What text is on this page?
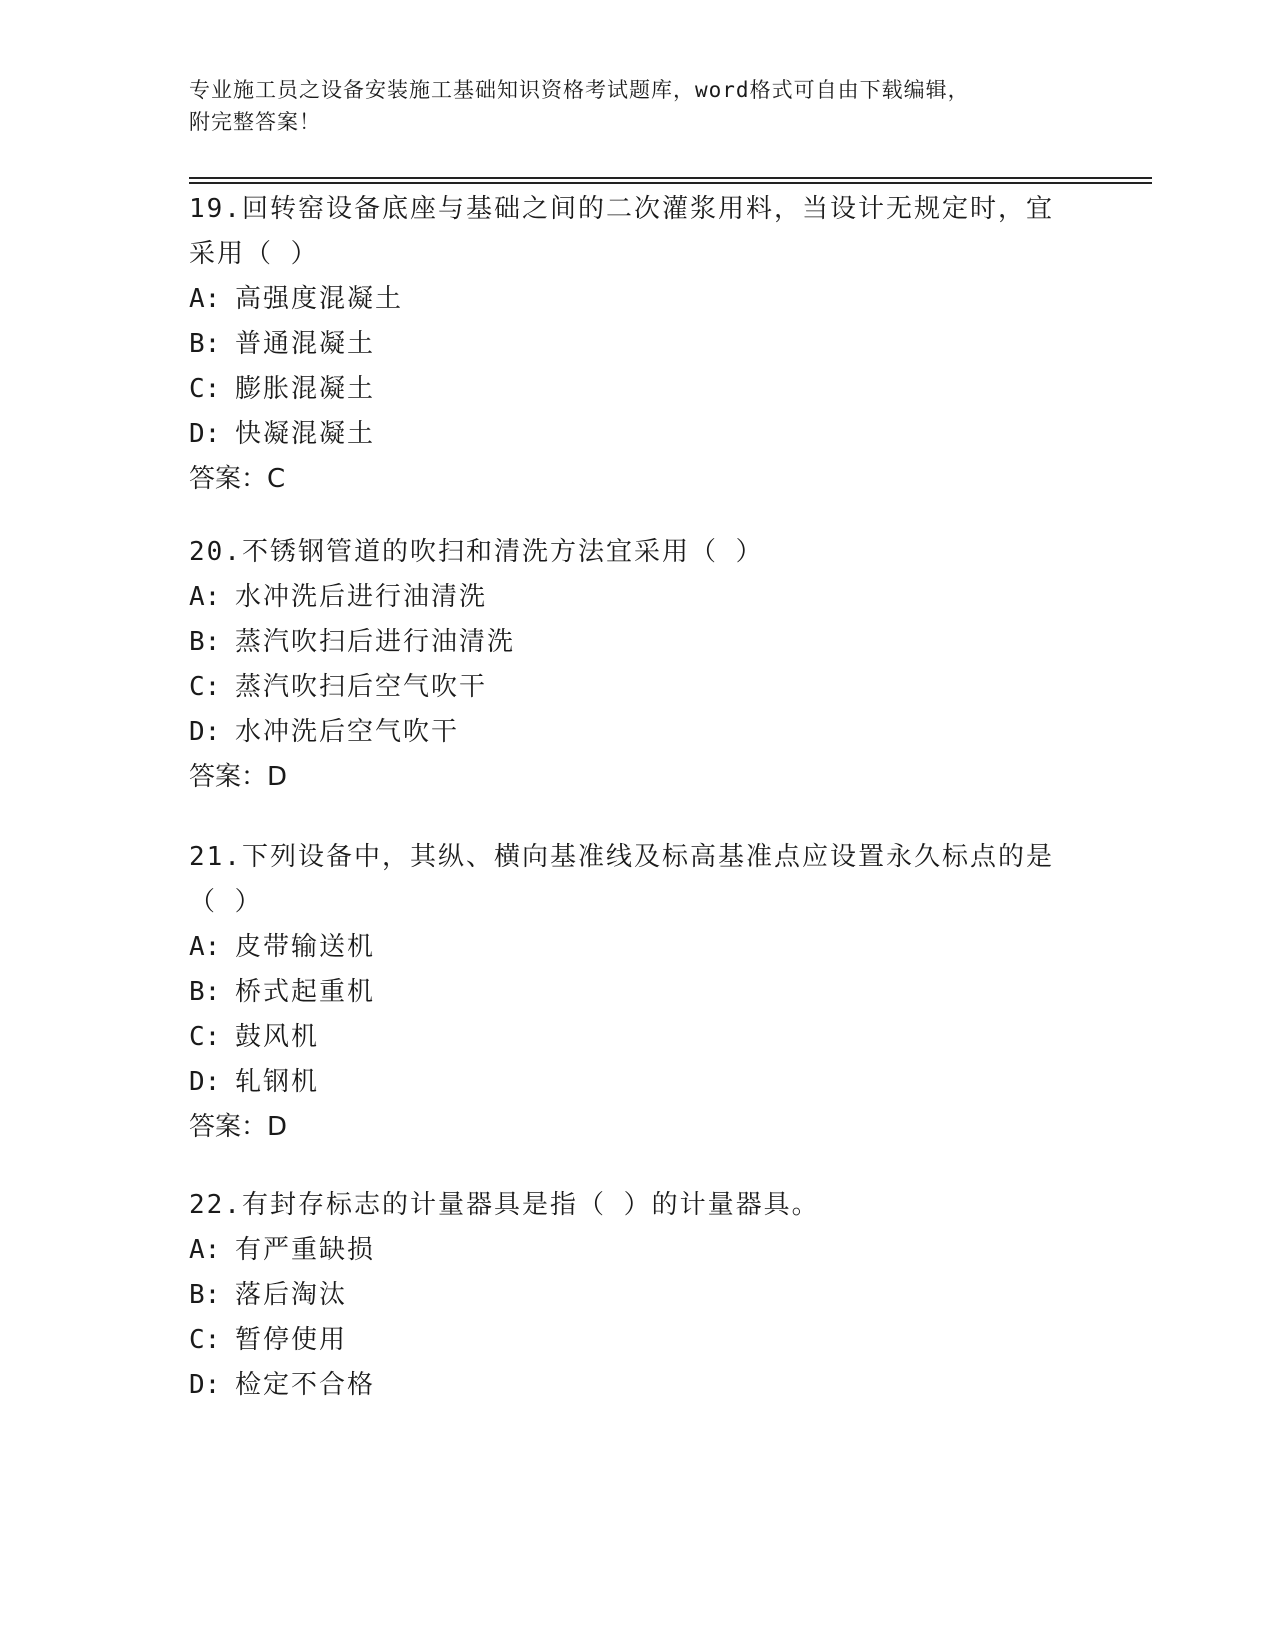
专业施工员之设备安装施工基础知识资格考试题库，word格式可自由下载编辑，
附完整答案！
19.回转窑设备底座与基础之间的二次灌浆用料，当设计无规定时，宜
采用（ ）
A: 高强度混凝土
B: 普通混凝土
C: 膨胀混凝土
D: 快凝混凝土
答案：C
20.不锈钢管道的吹扫和清洗方法宜采用（ ）
A: 水冲洗后进行油清洗
B: 蒸汽吹扫后进行油清洗
C: 蒸汽吹扫后空气吹干
D: 水冲洗后空气吹干
答案：D
21.下列设备中，其纵、横向基准线及标高基准点应设置永久标点的是
（ ）
A: 皮带输送机
B: 桥式起重机
C: 鼓风机
D: 轧钢机
答案：D
22.有封存标志的计量器具是指（ ）的计量器具。
A: 有严重缺损
B: 落后淘汰
C: 暂停使用
D: 检定不合格
